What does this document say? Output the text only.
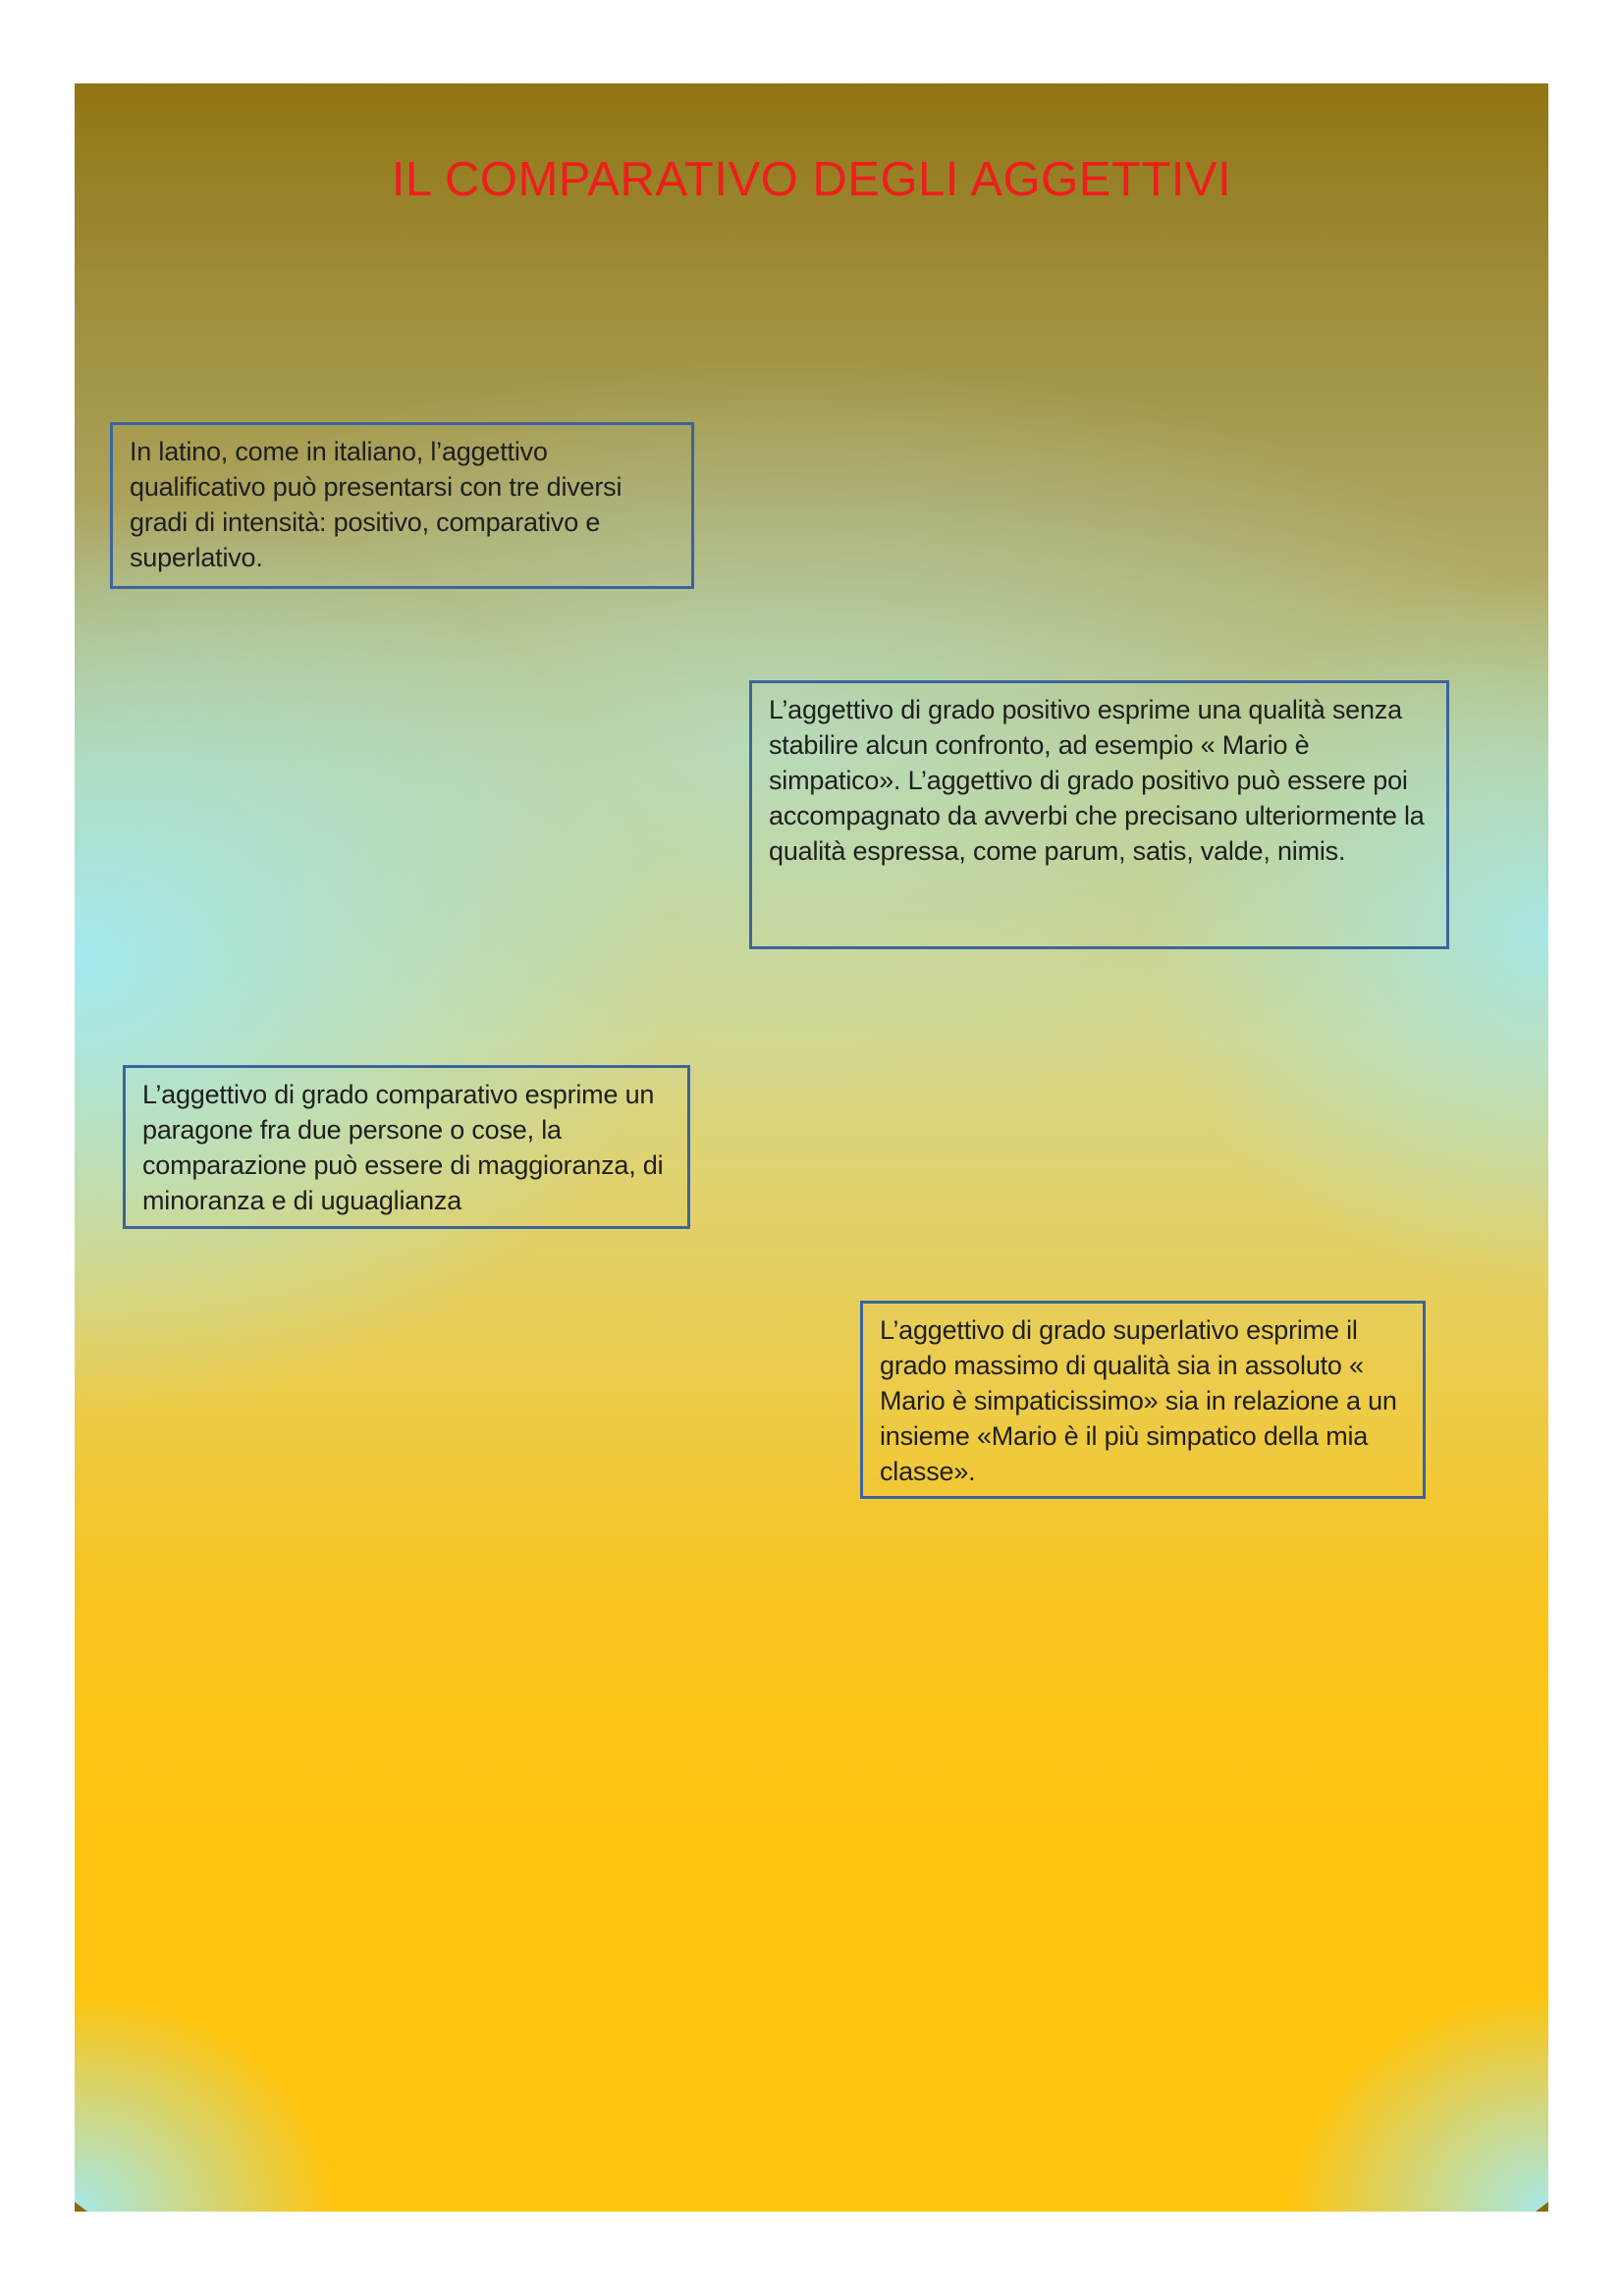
IL COMPARATIVO DEGLI AGGETTIVI

In latino, come in italiano, l’aggettivo qualificativo può presentarsi con tre diversi gradi di intensità: positivo, comparativo e superlativo.

L’aggettivo di grado positivo esprime una qualità senza stabilire alcun confronto, ad esempio « Mario è simpatico». L’aggettivo di grado positivo può essere poi accompagnato da avverbi che precisano ulteriormente la qualità espressa, come parum, satis, valde, nimis.

L’aggettivo di grado comparativo esprime un paragone fra due persone o cose, la comparazione può essere di maggioranza, di minoranza e di uguaglianza

L’aggettivo di grado superlativo esprime il grado massimo di qualità sia in assoluto « Mario è simpaticissimo» sia in relazione a un insieme «Mario è il più simpatico della mia classe».
